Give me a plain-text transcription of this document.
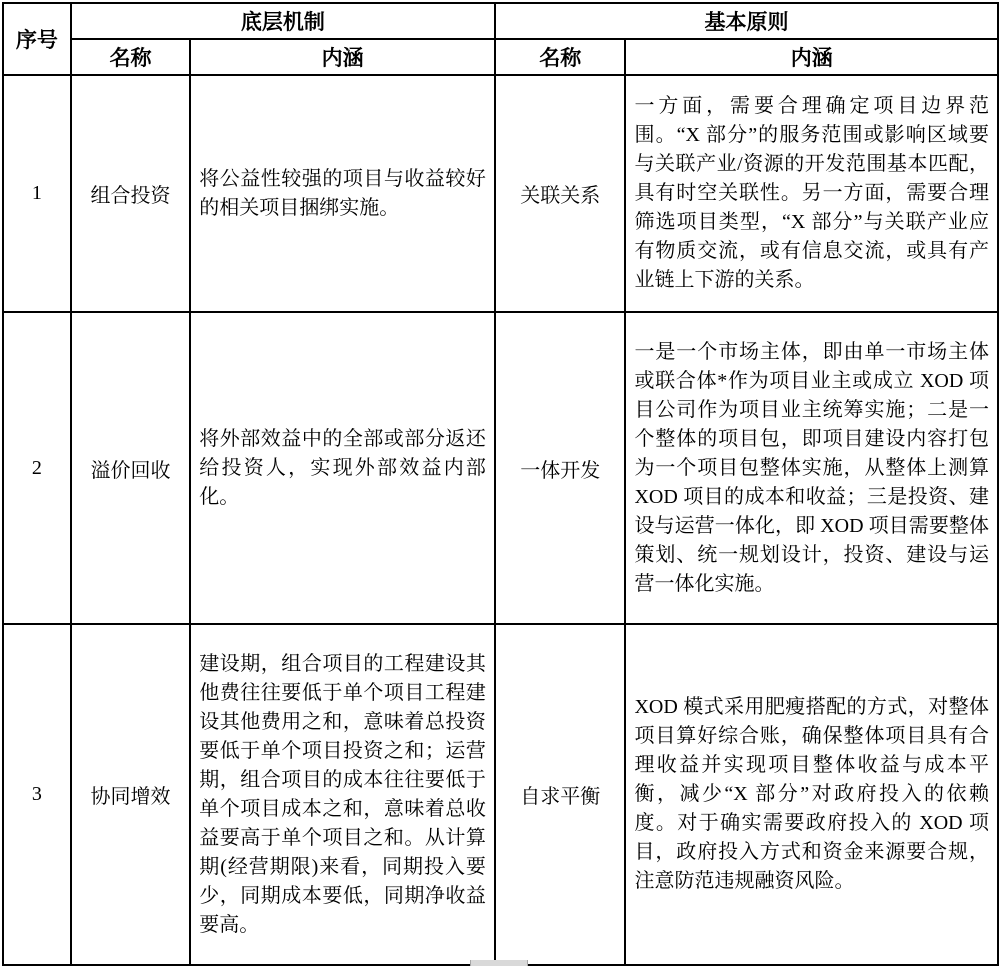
序号	底层机制		基本原则	
	名称	内涵	名称	内涵
1	组合投资	将公益性较强的项目与收益较好的相关项目捆绑实施。	关联关系	一方面，需要合理确定项目边界范围。“X 部分”的服务范围或影响区域要与关联产业/资源的开发范围基本匹配，具有时空关联性。另一方面，需要合理筛选项目类型，“X 部分”与关联产业应有物质交流，或有信息交流，或具有产业链上下游的关系。
2	溢价回收	将外部效益中的全部或部分返还给投资人，实现外部效益内部化。	一体开发	一是一个市场主体，即由单一市场主体或联合体*作为项目业主或成立 XOD 项目公司作为项目业主统筹实施；二是一个整体的项目包，即项目建设内容打包为一个项目包整体实施，从整体上测算 XOD 项目的成本和收益；三是投资、建设与运营一体化，即 XOD 项目需要整体策划、统一规划设计，投资、建设与运营一体化实施。
3	协同增效	建设期，组合项目的工程建设其他费往往要低于单个项目工程建设其他费用之和，意味着总投资要低于单个项目投资之和；运营期，组合项目的成本往往要低于单个项目成本之和，意味着总收益要高于单个项目之和。从计算期(经营期限)来看，同期投入要少，同期成本要低，同期净收益要高。	自求平衡	XOD 模式采用肥瘦搭配的方式，对整体项目算好综合账，确保整体项目具有合理收益并实现项目整体收益与成本平衡，减少“X 部分”对政府投入的依赖度。对于确实需要政府投入的 XOD 项目，政府投入方式和资金来源要合规，注意防范违规融资风险。
